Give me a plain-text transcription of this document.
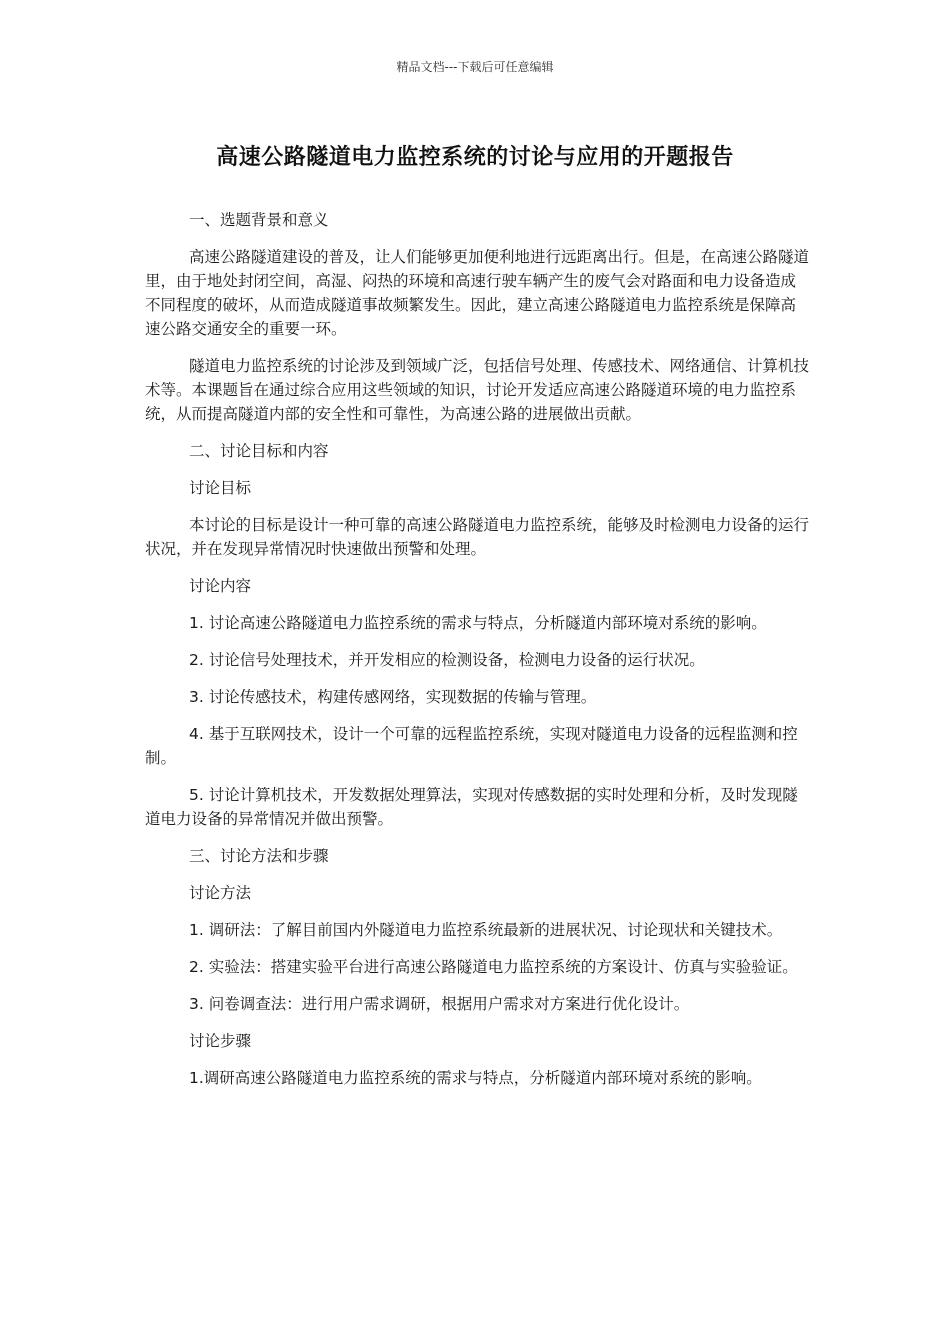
精品文档---下载后可任意编辑
高速公路隧道电力监控系统的讨论与应用的开题报告

一、选题背景和意义

高速公路隧道建设的普及，让人们能够更加便利地进行远距离出行。但是，在高速公路隧道里，由于地处封闭空间，高湿、闷热的环境和高速行驶车辆产生的废气会对路面和电力设备造成不同程度的破坏，从而造成隧道事故频繁发生。因此，建立高速公路隧道电力监控系统是保障高速公路交通安全的重要一环。

隧道电力监控系统的讨论涉及到领域广泛，包括信号处理、传感技术、网络通信、计算机技术等。本课题旨在通过综合应用这些领域的知识，讨论开发适应高速公路隧道环境的电力监控系统，从而提高隧道内部的安全性和可靠性，为高速公路的进展做出贡献。

二、讨论目标和内容

讨论目标

本讨论的目标是设计一种可靠的高速公路隧道电力监控系统，能够及时检测电力设备的运行状况，并在发现异常情况时快速做出预警和处理。

讨论内容

1. 讨论高速公路隧道电力监控系统的需求与特点，分析隧道内部环境对系统的影响。

2. 讨论信号处理技术，并开发相应的检测设备，检测电力设备的运行状况。

3. 讨论传感技术，构建传感网络，实现数据的传输与管理。

4. 基于互联网技术，设计一个可靠的远程监控系统，实现对隧道电力设备的远程监测和控制。

5. 讨论计算机技术，开发数据处理算法，实现对传感数据的实时处理和分析，及时发现隧道电力设备的异常情况并做出预警。

三、讨论方法和步骤

讨论方法

1. 调研法：了解目前国内外隧道电力监控系统最新的进展状况、讨论现状和关键技术。

2. 实验法：搭建实验平台进行高速公路隧道电力监控系统的方案设计、仿真与实验验证。

3. 问卷调查法：进行用户需求调研，根据用户需求对方案进行优化设计。

讨论步骤

1.调研高速公路隧道电力监控系统的需求与特点，分析隧道内部环境对系统的影响。
